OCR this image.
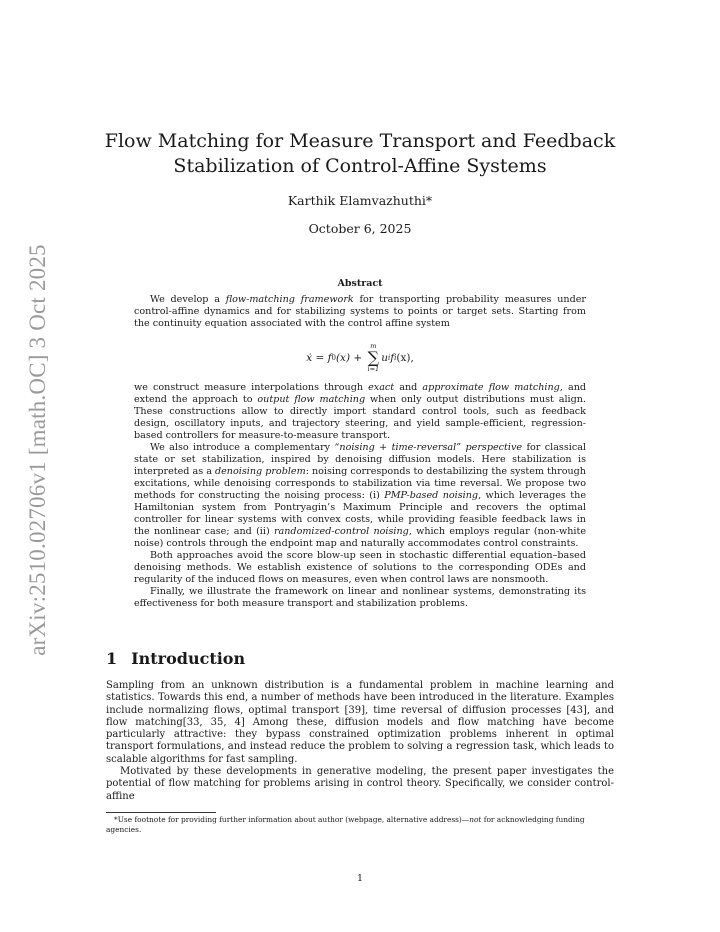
arXiv:2510.02706v1 [math.OC] 3 Oct 2025
Flow Matching for Measure Transport and Feedback
Stabilization of Control-Affine Systems
Karthik Elamvazhuthi*
October 6, 2025
Abstract

We develop a flow-matching framework for transporting probability measures under control-affine dynamics and for stabilizing systems to points or target sets. Starting from the continuity equation associated with the control affine system

ẋ = f 0 (x) +
m
∑
i=1
u i f i (x),

we construct measure interpolations through exact and approximate flow matching, and extend the approach to output flow matching when only output distributions must align. These constructions allow to directly import standard control tools, such as feedback design, oscillatory inputs, and trajectory steering, and yield sample-efficient, regression-based controllers for measure-to-measure transport.

We also introduce a complementary “noising + time-reversal” perspective for classical state or set stabilization, inspired by denoising diffusion models. Here stabilization is interpreted as a denoising problem: noising corresponds to destabilizing the system through excitations, while denoising corresponds to stabilization via time reversal. We propose two methods for constructing the noising process: (i) PMP-based noising, which leverages the Hamiltonian system from Pontryagin’s Maximum Principle and recovers the optimal controller for linear systems with convex costs, while providing feasible feedback laws in the nonlinear case; and (ii) randomized-control noising, which employs regular (non-white noise) controls through the endpoint map and naturally accommodates control constraints.

Both approaches avoid the score blow-up seen in stochastic differential equation–based denoising methods. We establish existence of solutions to the corresponding ODEs and regularity of the induced flows on measures, even when control laws are nonsmooth.

Finally, we illustrate the framework on linear and nonlinear systems, demonstrating its effectiveness for both measure transport and stabilization problems.

1 Introduction

Sampling from an unknown distribution is a fundamental problem in machine learning and statistics. Towards this end, a number of methods have been introduced in the literature. Examples include normalizing flows, optimal transport [39], time reversal of diffusion processes [43], and flow matching[33, 35, 4] Among these, diffusion models and flow matching have become particularly attractive: they bypass constrained optimization problems inherent in optimal transport formulations, and instead reduce the problem to solving a regression task, which leads to scalable algorithms for fast sampling.

Motivated by these developments in generative modeling, the present paper investigates the potential of flow matching for problems arising in control theory. Specifically, we consider control-affine

*Use footnote for providing further information about author (webpage, alternative address)—not for acknowledging funding agencies.
1
